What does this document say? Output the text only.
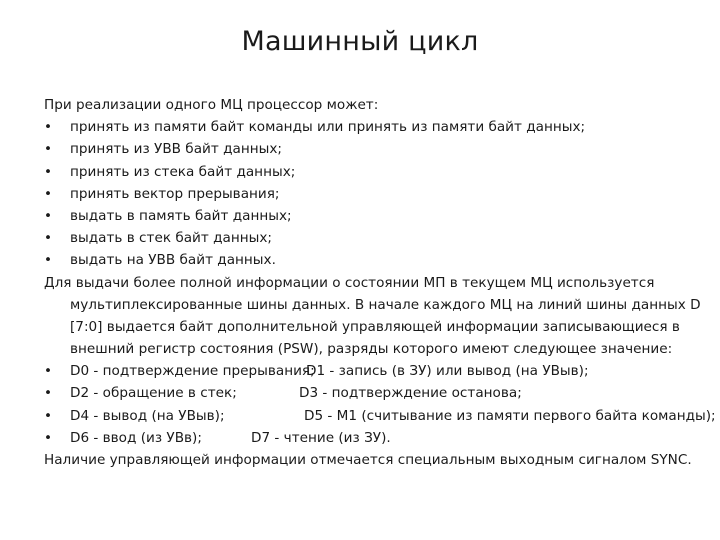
Машинный цикл
При реализации одного МЦ процессор может:
• принять из памяти байт команды или принять из памяти байт данных;
• принять из УВВ байт данных;
• принять из стека байт данных;
• принять вектор прерывания;
• выдать в память байт данных;
• выдать в стек байт данных;
• выдать на УВВ байт данных.
Для выдачи более полной информации о состоянии МП в текущем МЦ используется
мультиплексированные шины данных. В начале каждого МЦ на линий шины данных D
[7:0] выдается байт дополнительной управляющей информации записывающиеся в
внешний регистр состояния (PSW), разряды которого имеют следующее значение:
• D0 - подтверждение прерывания;D1 - запись (в ЗУ) или вывод (на УВыв);
• D2 - обращение в стек;	D3 - подтверждение останова;
• D4 - вывод (на УВыв);	D5 - M1 (считывание из памяти первого байта команды);
• D6 - ввод (из УВв);	D7 - чтение (из ЗУ).
Наличие управляющей информации отмечается специальным выходным сигналом SYNC.
